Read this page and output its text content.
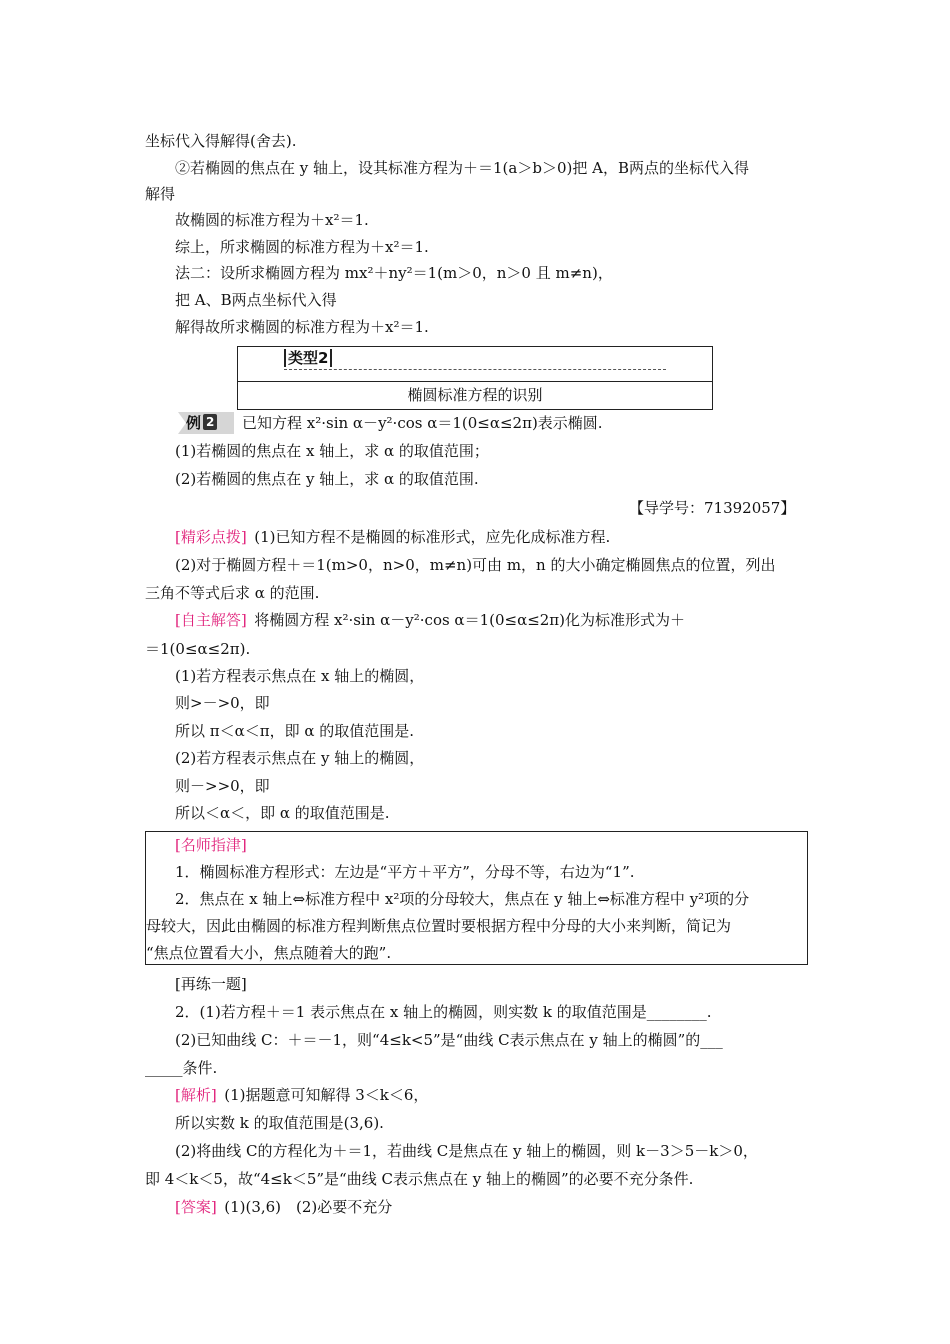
坐标代入得解得(舍去).
②若椭圆的焦点在 y 轴上，设其标准方程为＋＝1(a＞b＞0)把 A，B两点的坐标代入得
解得
故椭圆的标准方程为＋x²＝1.
综上，所求椭圆的标准方程为＋x²＝1.
法二：设所求椭圆方程为 mx²＋ny²＝1(m＞0，n＞0 且 m≠n)，
把 A、B两点坐标代入得
解得故所求椭圆的标准方程为＋x²＝1.
类型2
椭圆标准方程的识别
例 2	已知方程 x²·sin α－y²·cos α＝1(0≤α≤2π)表示椭圆.
(1)若椭圆的焦点在 x 轴上，求 α 的取值范围；
(2)若椭圆的焦点在 y 轴上，求 α 的取值范围.
【导学号：71392057】
[精彩点拨]  (1)已知方程不是椭圆的标准形式，应先化成标准方程.
(2)对于椭圆方程＋＝1(m>0，n>0，m≠n)可由 m，n 的大小确定椭圆焦点的位置，列出
三角不等式后求 α 的范围.
[自主解答]  将椭圆方程 x²·sin α－y²·cos α＝1(0≤α≤2π)化为标准形式为＋
＝1(0≤α≤2π).
(1)若方程表示焦点在 x 轴上的椭圆，
则>－>0，即
所以 π＜α＜π，即 α 的取值范围是.
(2)若方程表示焦点在 y 轴上的椭圆，
则－>>0，即
所以＜α＜，即 α 的取值范围是.
[名师指津]
1．椭圆标准方程形式：左边是“平方＋平方”，分母不等，右边为“1”.
2．焦点在 x 轴上⇔标准方程中 x²项的分母较大，焦点在 y 轴上⇔标准方程中 y²项的分
母较大，因此由椭圆的标准方程判断焦点位置时要根据方程中分母的大小来判断，简记为
“焦点位置看大小，焦点随着大的跑”.
[再练一题]
2．(1)若方程＋＝1 表示焦点在 x 轴上的椭圆，则实数 k 的取值范围是________.
(2)已知曲线 C：＋＝－1，则“4≤k<5”是“曲线 C表示焦点在 y 轴上的椭圆”的___
_____条件.
[解析]  (1)据题意可知解得 3＜k＜6，
所以实数 k 的取值范围是(3,6).
(2)将曲线 C的方程化为＋＝1，若曲线 C是焦点在 y 轴上的椭圆，则 k－3＞5－k＞0，
即 4＜k＜5，故“4≤k＜5”是“曲线 C表示焦点在 y 轴上的椭圆”的必要不充分条件.
[答案]  (1)(3,6)　(2)必要不充分
